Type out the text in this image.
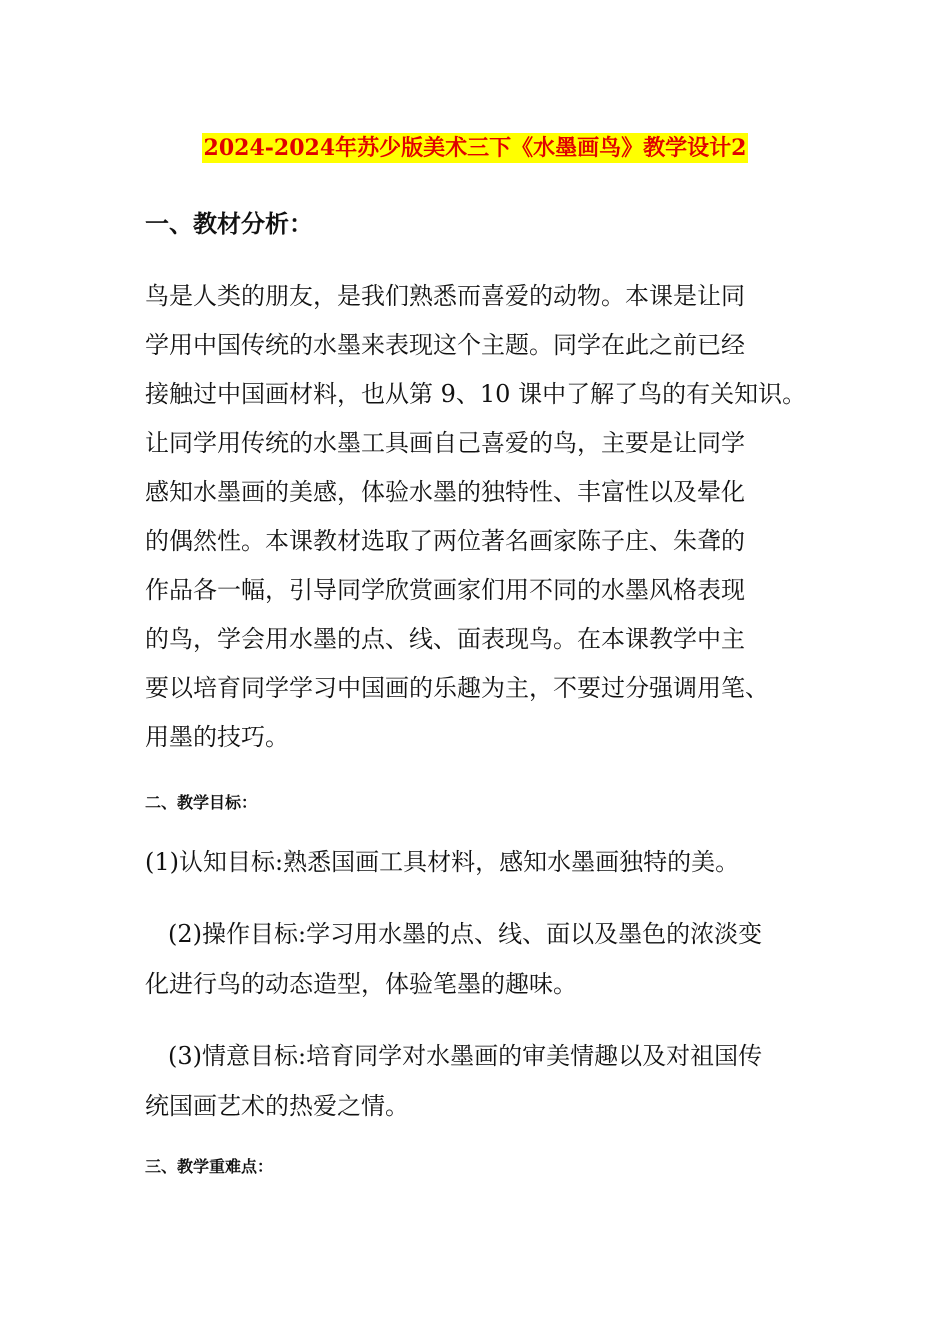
2024-2024年苏少版美术三下《水墨画鸟》教学设计2
一、教材分析：
鸟是人类的朋友，是我们熟悉而喜爱的动物。本课是让同
学用中国传统的水墨来表现这个主题。同学在此之前已经
接触过中国画材料，也从第 9、10 课中了解了鸟的有关知识。
让同学用传统的水墨工具画自己喜爱的鸟，主要是让同学
感知水墨画的美感，体验水墨的独特性、丰富性以及晕化
的偶然性。本课教材选取了两位著名画家陈子庄、朱聋的
作品各一幅，引导同学欣赏画家们用不同的水墨风格表现
的鸟，学会用水墨的点、线、面表现鸟。在本课教学中主
要以培育同学学习中国画的乐趣为主，不要过分强调用笔、
用墨的技巧。
二、教学目标：
(1)认知目标:熟悉国画工具材料，感知水墨画独特的美。
(2)操作目标:学习用水墨的点、线、面以及墨色的浓淡变
化进行鸟的动态造型，体验笔墨的趣味。
(3)情意目标:培育同学对水墨画的审美情趣以及对祖国传
统国画艺术的热爱之情。
三、教学重难点：
